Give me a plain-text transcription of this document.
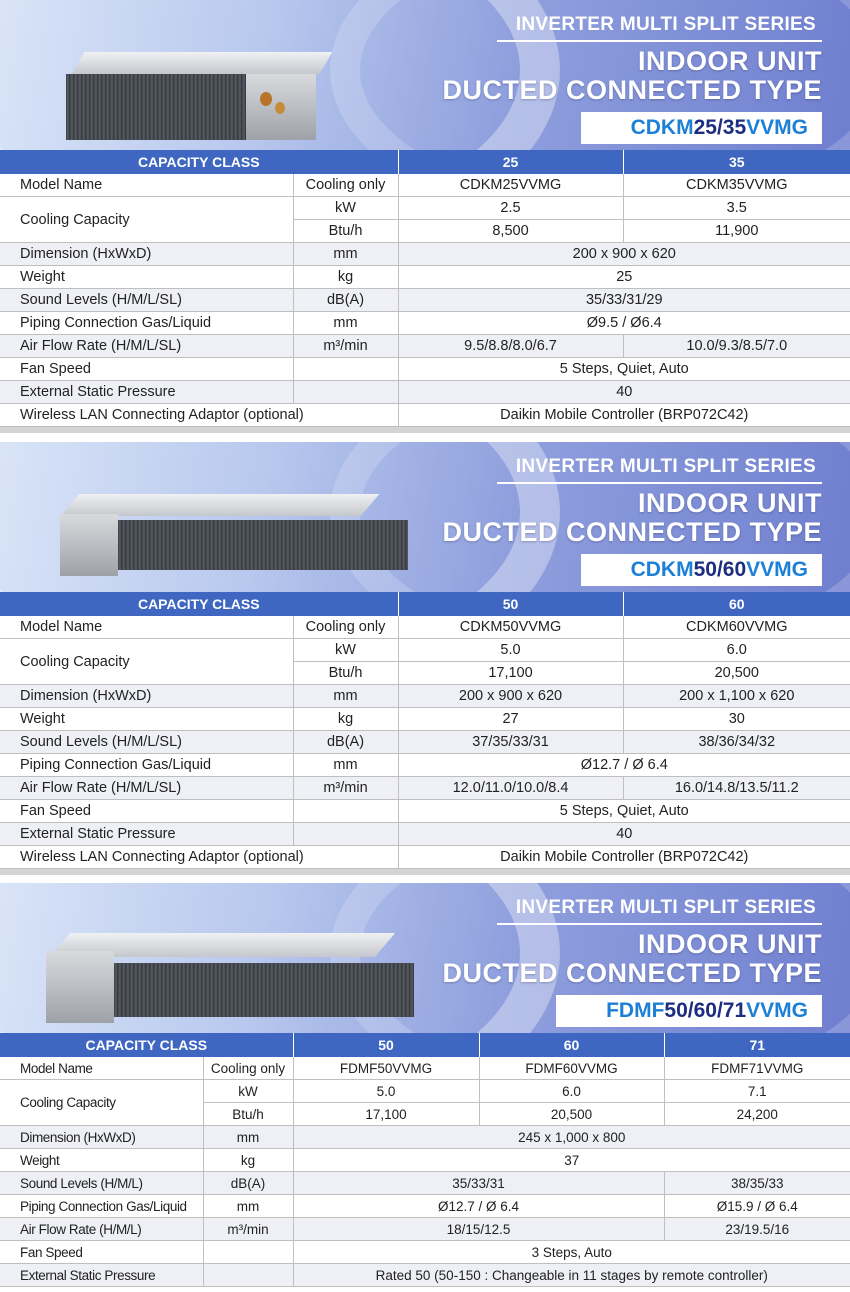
INVERTER MULTI SPLIT SERIES
INDOOR UNIT
DUCTED CONNECTED TYPE
CDKM25/35VVMG
CAPACITY CLASS		25	35
Model Name	Cooling only	CDKM25VVMG	CDKM35VVMG
Cooling Capacity	kW	2.5	3.5
	Btu/h	8,500	11,900
Dimension (HxWxD)	mm	200 x 900 x 620	
Weight	kg	25	
Sound Levels (H/M/L/SL)	dB(A)	35/33/31/29	
Piping Connection Gas/Liquid	mm	Ø9.5 / Ø6.4	
Air Flow Rate (H/M/L/SL)	m³/min	9.5/8.8/8.0/6.7	10.0/9.3/8.5/7.0
Fan Speed		5 Steps, Quiet, Auto	
External Static Pressure		40	
Wireless LAN Connecting Adaptor (optional)		Daikin Mobile Controller (BRP072C42)	
INVERTER MULTI SPLIT SERIES
INDOOR UNIT
DUCTED CONNECTED TYPE
CDKM50/60VVMG
CAPACITY CLASS		50	60
Model Name	Cooling only	CDKM50VVMG	CDKM60VVMG
Cooling Capacity	kW	5.0	6.0
	Btu/h	17,100	20,500
Dimension (HxWxD)	mm	200 x 900 x 620	200 x 1,100 x 620
Weight	kg	27	30
Sound Levels (H/M/L/SL)	dB(A)	37/35/33/31	38/36/34/32
Piping Connection Gas/Liquid	mm	Ø12.7 / Ø 6.4	
Air Flow Rate (H/M/L/SL)	m³/min	12.0/11.0/10.0/8.4	16.0/14.8/13.5/11.2
Fan Speed		5 Steps, Quiet, Auto	
External Static Pressure		40	
Wireless LAN Connecting Adaptor (optional)		Daikin Mobile Controller (BRP072C42)	
INVERTER MULTI SPLIT SERIES
INDOOR UNIT
DUCTED CONNECTED TYPE
FDMF50/60/71VVMG
CAPACITY CLASS		50	60	71
Model Name	Cooling only	FDMF50VVMG	FDMF60VVMG	FDMF71VVMG
Cooling Capacity	kW	5.0	6.0	7.1
	Btu/h	17,100	20,500	24,200
Dimension (HxWxD)	mm	245 x 1,000 x 800		
Weight	kg	37		
Sound Levels (H/M/L)	dB(A)	35/33/31		38/35/33
Piping Connection Gas/Liquid	mm	Ø12.7 / Ø 6.4		Ø15.9 / Ø 6.4
Air Flow Rate (H/M/L)	m³/min	18/15/12.5		23/19.5/16
Fan Speed		3 Steps, Auto		
External Static Pressure		Rated 50 (50-150 : Changeable in 11 stages by remote controller)		
